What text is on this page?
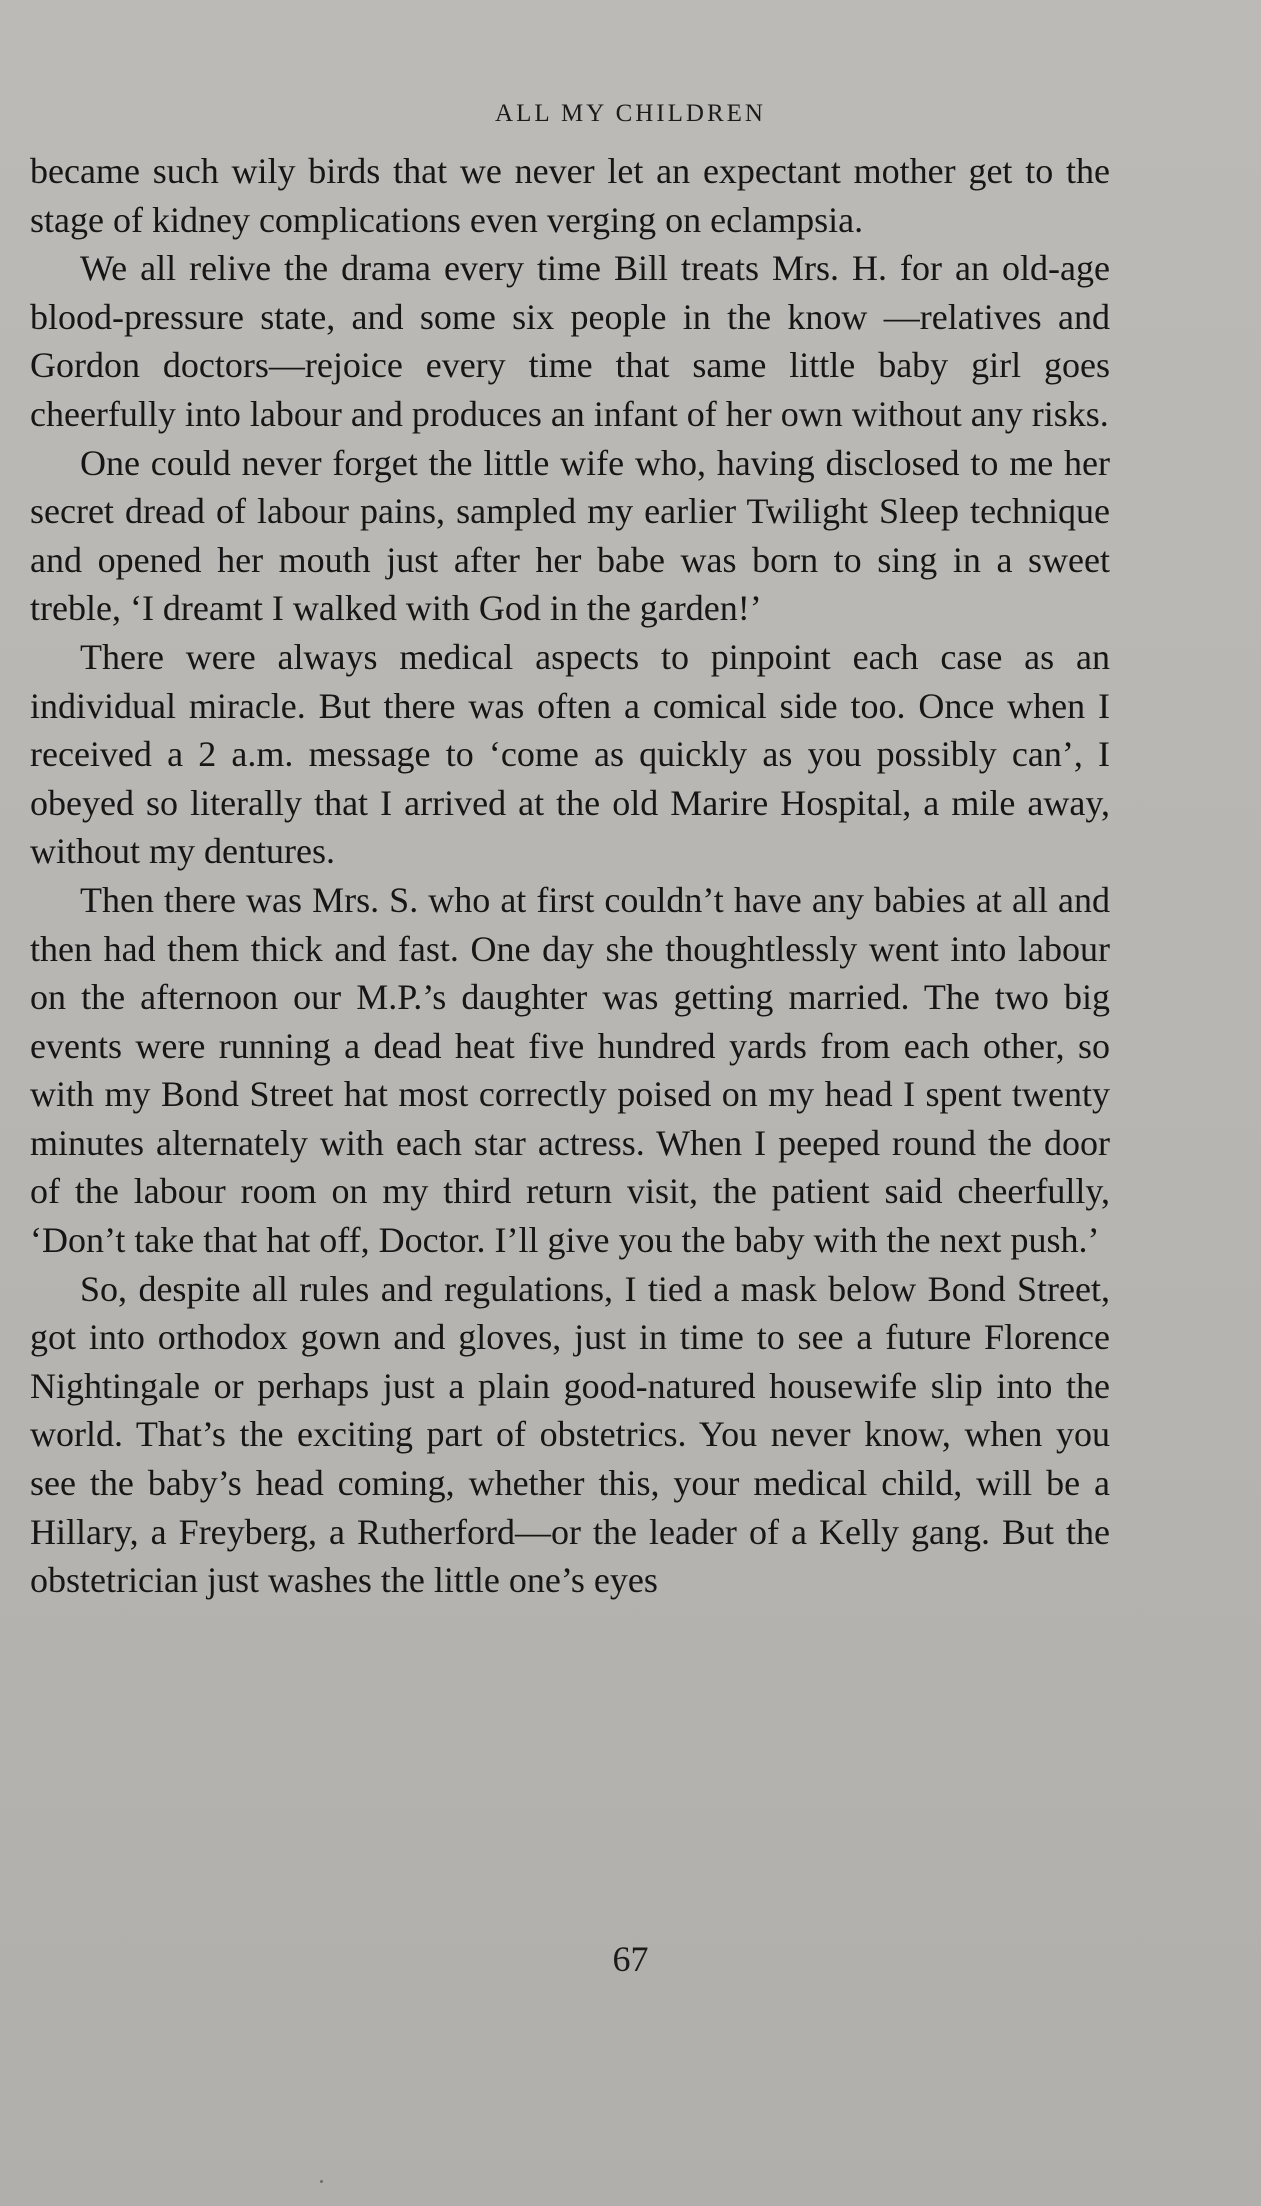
ALL MY CHILDREN

became such wily birds that we never let an expectant mother get to the stage of kidney complications even verging on eclampsia.

We all relive the drama every time Bill treats Mrs. H. for an old-age blood-pressure state, and some six people in the know —relatives and Gordon doctors—rejoice every time that same little baby girl goes cheerfully into labour and produces an infant of her own without any risks.

One could never forget the little wife who, having disclosed to me her secret dread of labour pains, sampled my earlier Twilight Sleep technique and opened her mouth just after her babe was born to sing in a sweet treble, ‘I dreamt I walked with God in the garden!’

There were always medical aspects to pinpoint each case as an individual miracle. But there was often a comical side too. Once when I received a 2 a.m. message to ‘come as quickly as you possibly can’, I obeyed so literally that I arrived at the old Marire Hospital, a mile away, without my dentures.

Then there was Mrs. S. who at first couldn’t have any babies at all and then had them thick and fast. One day she thoughtlessly went into labour on the afternoon our M.P.’s daughter was getting married. The two big events were running a dead heat five hundred yards from each other, so with my Bond Street hat most correctly poised on my head I spent twenty minutes alternately with each star actress. When I peeped round the door of the labour room on my third return visit, the patient said cheerfully, ‘Don’t take that hat off, Doctor. I’ll give you the baby with the next push.’

So, despite all rules and regulations, I tied a mask below Bond Street, got into orthodox gown and gloves, just in time to see a future Florence Nightingale or perhaps just a plain good-natured housewife slip into the world. That’s the exciting part of obstetrics. You never know, when you see the baby’s head coming, whether this, your medical child, will be a Hillary, a Freyberg, a Rutherford—or the leader of a Kelly gang. But the obstetrician just washes the little one’s eyes

67
